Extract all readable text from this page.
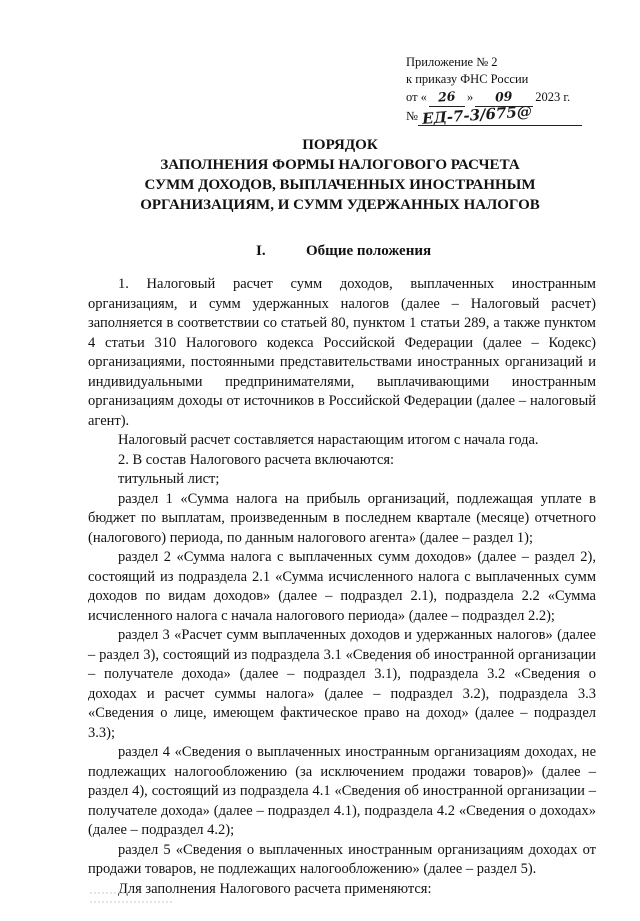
Приложение № 2
к приказу ФНС России
от « 26 » 09 2023 г.
№ ЕД-7-3/675@
ПОРЯДОК
ЗАПОЛНЕНИЯ ФОРМЫ НАЛОГОВОГО РАСЧЕТА
СУММ ДОХОДОВ, ВЫПЛАЧЕННЫХ ИНОСТРАННЫМ
ОРГАНИЗАЦИЯМ, И СУММ УДЕРЖАННЫХ НАЛОГОВ
I.	Общие положения

1. Налоговый расчет сумм доходов, выплаченных иностранным организациям, и сумм удержанных налогов (далее – Налоговый расчет) заполняется в соответствии со статьей 80, пунктом 1 статьи 289, а также пунктом 4 статьи 310 Налогового кодекса Российской Федерации (далее – Кодекс) организациями, постоянными представительствами иностранных организаций и индивидуальными предпринимателями, выплачивающими иностранным организациям доходы от источников в Российской Федерации (далее – налоговый агент).

Налоговый расчет составляется нарастающим итогом с начала года.

2. В состав Налогового расчета включаются:

титульный лист;

раздел 1 «Сумма налога на прибыль организаций, подлежащая уплате в бюджет по выплатам, произведенным в последнем квартале (месяце) отчетного (налогового) периода, по данным налогового агента» (далее – раздел 1);

раздел 2 «Сумма налога с выплаченных сумм доходов» (далее – раздел 2), состоящий из подраздела 2.1 «Сумма исчисленного налога с выплаченных сумм доходов по видам доходов» (далее – подраздел 2.1), подраздела 2.2 «Сумма исчисленного налога с начала налогового периода» (далее – подраздел 2.2);

раздел 3 «Расчет сумм выплаченных доходов и удержанных налогов» (далее – раздел 3), состоящий из подраздела 3.1 «Сведения об иностранной организации – получателе дохода» (далее – подраздел 3.1), подраздела 3.2 «Сведения о доходах и расчет суммы налога» (далее – подраздел 3.2), подраздела 3.3 «Сведения о лице, имеющем фактическое право на доход» (далее – подраздел 3.3);

раздел 4 «Сведения о выплаченных иностранным организациям доходах, не подлежащих налогообложению (за исключением продажи товаров)» (далее – раздел 4), состоящий из подраздела 4.1 «Сведения об иностранной организации – получателе дохода» (далее – подраздел 4.1), подраздела 4.2 «Сведения о доходах» (далее – подраздел 4.2);

раздел 5 «Сведения о выплаченных иностранным организациям доходах от продажи товаров, не подлежащих налогообложению» (далее – раздел 5).

Для заполнения Налогового расчета применяются:
